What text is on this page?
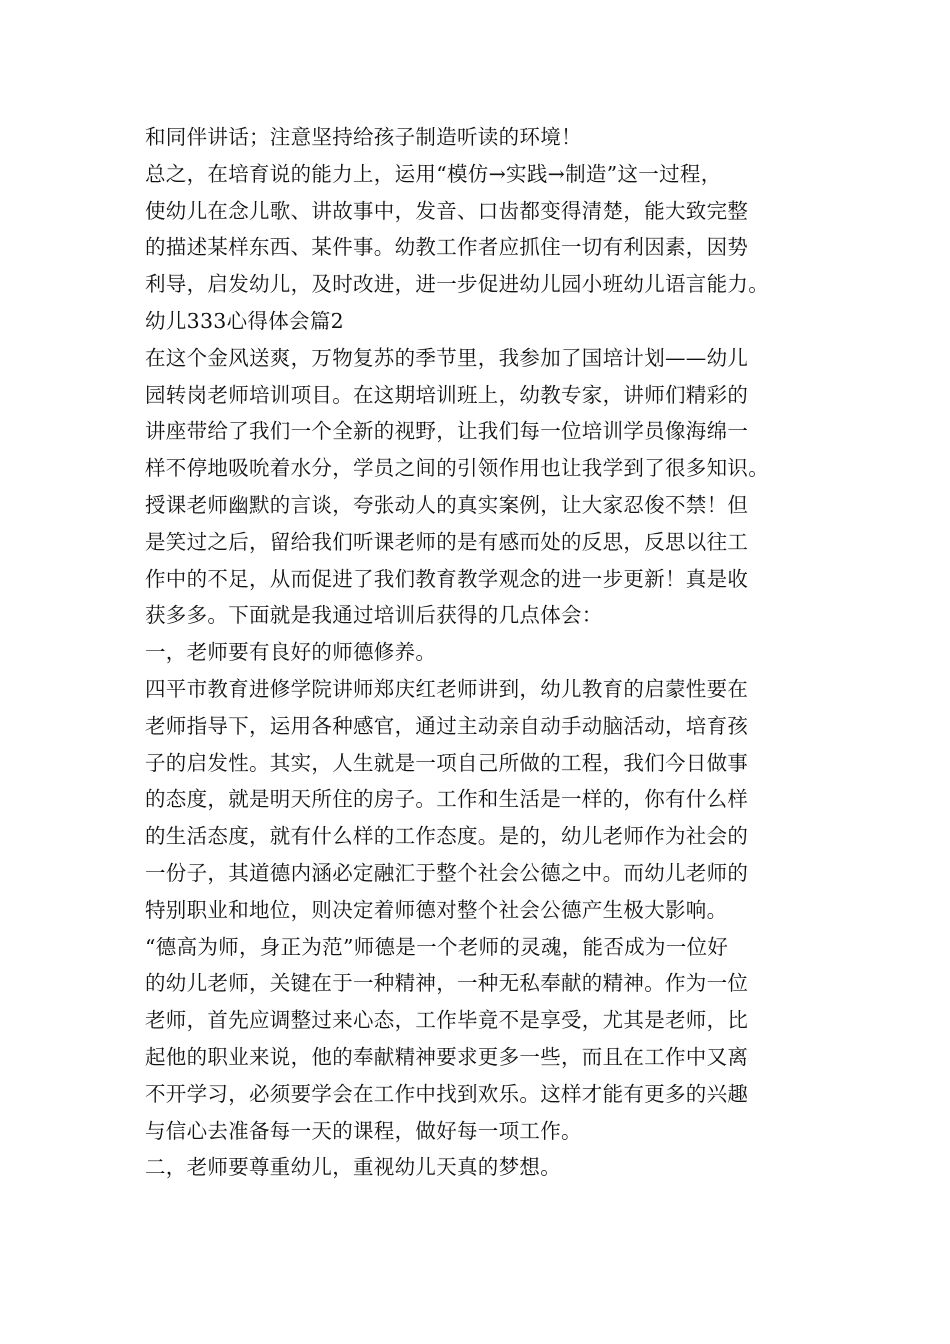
和同伴讲话；注意坚持给孩子制造听读的环境！
总之，在培育说的能力上，运用“模仿→实践→制造”这一过程，
使幼儿在念儿歌、讲故事中，发音、口齿都变得清楚，能大致完整
的描述某样东西、某件事。幼教工作者应抓住一切有利因素，因势
利导，启发幼儿，及时改进，进一步促进幼儿园小班幼儿语言能力。
幼儿333心得体会篇2
在这个金风送爽，万物复苏的季节里，我参加了国培计划——幼儿
园转岗老师培训项目。在这期培训班上，幼教专家，讲师们精彩的
讲座带给了我们一个全新的视野，让我们每一位培训学员像海绵一
样不停地吸吮着水分，学员之间的引领作用也让我学到了很多知识。
授课老师幽默的言谈，夸张动人的真实案例，让大家忍俊不禁！但
是笑过之后，留给我们听课老师的是有感而处的反思，反思以往工
作中的不足，从而促进了我们教育教学观念的进一步更新！真是收
获多多。下面就是我通过培训后获得的几点体会：
一，老师要有良好的师德修养。
四平市教育进修学院讲师郑庆红老师讲到，幼儿教育的启蒙性要在
老师指导下，运用各种感官，通过主动亲自动手动脑活动，培育孩
子的启发性。其实，人生就是一项自己所做的工程，我们今日做事
的态度，就是明天所住的房子。工作和生活是一样的，你有什么样
的生活态度，就有什么样的工作态度。是的，幼儿老师作为社会的
一份子，其道德内涵必定融汇于整个社会公德之中。而幼儿老师的
特别职业和地位，则决定着师德对整个社会公德产生极大影响。
“德高为师，身正为范”师德是一个老师的灵魂，能否成为一位好
的幼儿老师，关键在于一种精神，一种无私奉献的精神。作为一位
老师，首先应调整过来心态，工作毕竟不是享受，尤其是老师，比
起他的职业来说，他的奉献精神要求更多一些，而且在工作中又离
不开学习，必须要学会在工作中找到欢乐。这样才能有更多的兴趣
与信心去准备每一天的课程，做好每一项工作。
二，老师要尊重幼儿，重视幼儿天真的梦想。
